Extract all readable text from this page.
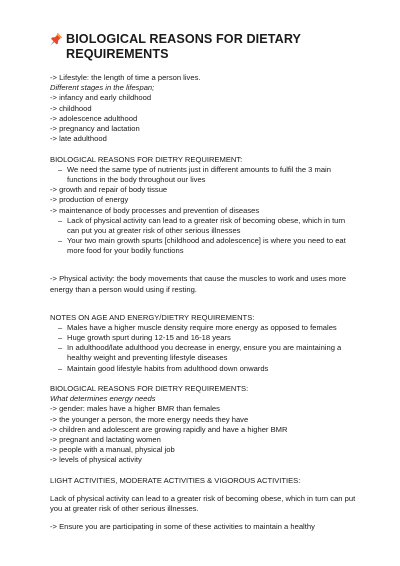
BIOLOGICAL REASONS FOR DIETARY REQUIREMENTS

-> Lifestyle: the length of time a person lives.

Different stages in the lifespan;

-> infancy and early childhood

-> childhood

-> adolescence adulthood

-> pregnancy and lactation

-> late adulthood

BIOLOGICAL REASONS FOR DIETRY REQUIREMENT:

– We need the same type of nutrients just in different amounts to fulfil the 3 main functions in the body throughout our lives

-> growth and repair of body tissue

-> production of energy

-> maintenance of body processes and prevention of diseases

– Lack of physical activity can lead to a greater risk of becoming obese, which in turn can put you at greater risk of other serious illnesses
– Your two main growth spurts [childhood and adolescence] is where you need to eat more food for your bodily functions

-> Physical activity: the body movements that cause the muscles to work and uses more energy than a person would using if resting.

NOTES ON AGE AND ENERGY/DIETRY REQUIREMENTS:

– Males have a higher muscle density require more energy as opposed to females
– Huge growth spurt during 12-15 and 16-18 years
– In adulthood/late adulthood you decrease in energy, ensure you are maintaining a healthy weight and preventing lifestyle diseases
– Maintain good lifestyle habits from adulthood down onwards

BIOLOGICAL REASONS FOR DIETRY REQUIREMENTS:

What determines energy needs

-> gender: males have a higher BMR than females

-> the younger a person, the more energy needs they have

-> children and adolescent are growing rapidly and have a higher BMR

-> pregnant and lactating women

-> people with a manual, physical job

-> levels of physical activity

LIGHT ACTIVITIES, MODERATE ACTIVITIES & VIGOROUS ACTIVITIES:

Lack of physical activity can lead to a greater risk of becoming obese, which in turn can put you at greater risk of other serious illnesses.

-> Ensure you are participating in some of these activities to maintain a healthy
